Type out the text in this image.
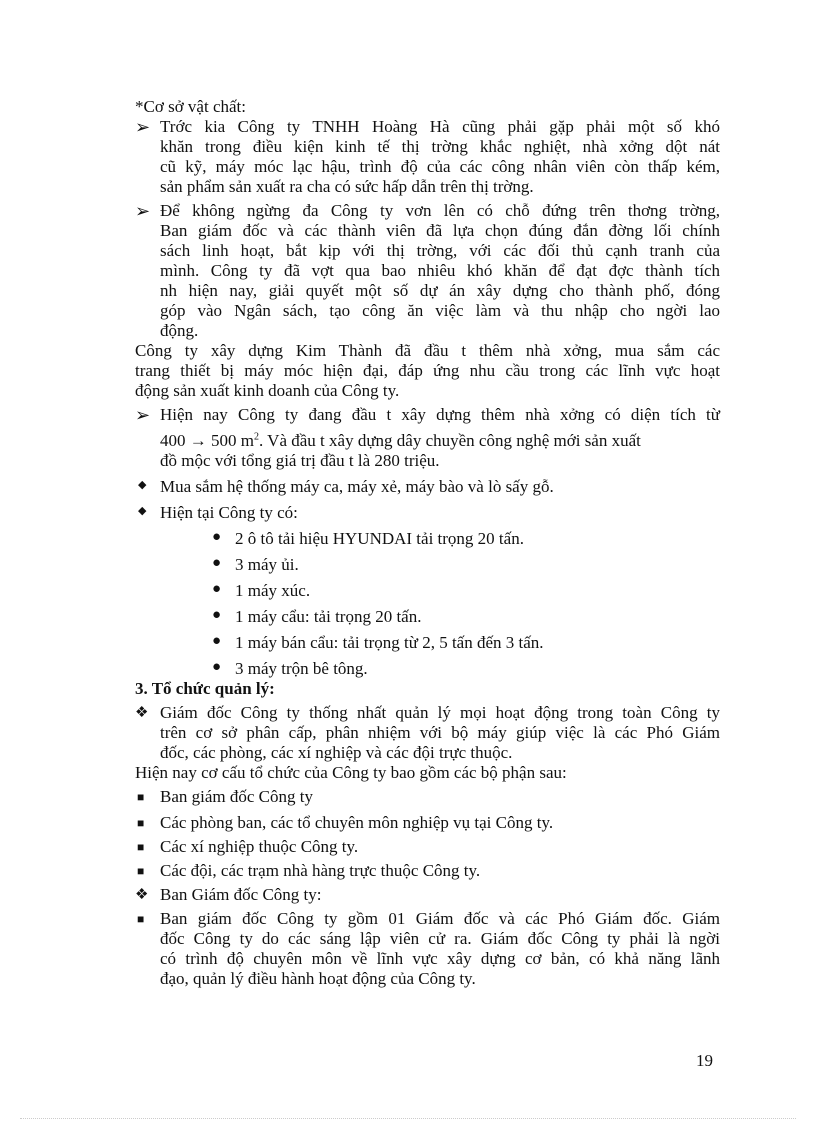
*Cơ sở vật chất:
➢ Trớc kia Công ty TNHH Hoàng Hà cũng phải gặp phải một số khó
khăn trong điều kiện kinh tế thị trờng khắc nghiệt, nhà xởng dột nát
cũ kỹ, máy móc lạc hậu, trình độ của các công nhân viên còn thấp kém,
sản phẩm sản xuất ra cha có sức hấp dẫn trên thị trờng.
➢ Để không ngừng đa Công ty vơn lên có chỗ đứng trên thơng trờng,
Ban giám đốc và các thành viên đã lựa chọn đúng đắn đờng lối chính
sách linh hoạt, bắt kịp với thị trờng, với các đối thủ cạnh tranh của
mình. Công ty đã vợt qua bao nhiêu khó khăn để đạt đợc thành tích
nh hiện nay, giải quyết một số dự án xây dựng cho thành phố, đóng
góp vào Ngân sách, tạo công ăn việc làm và thu nhập cho ngời lao
động.
Công ty xây dựng Kim Thành đã đầu t thêm nhà xởng, mua sắm các
trang thiết bị máy móc hiện đại, đáp ứng nhu cầu trong các lĩnh vực hoạt
động sản xuất kinh doanh của Công ty.
➢ Hiện nay Công ty đang đầu t xây dựng thêm nhà xởng có diện tích từ
400 → 500 $m^2$. Và đầu t xây dựng dây chuyền công nghệ mới sản xuất
đồ mộc với tổng giá trị đầu t là 280 triệu.
◆ Mua sắm hệ thống máy ca, máy xẻ, máy bào và lò sấy gỗ.
◆ Hiện tại Công ty có:
● 2 ô tô tải hiệu HYUNDAI tải trọng 20 tấn.
● 3 máy ủi.
● 1 máy xúc.
● 1 máy cẩu: tải trọng 20 tấn.
● 1 máy bán cẩu: tải trọng từ 2, 5 tấn đến 3 tấn.
● 3 máy trộn bê tông.
3. Tổ chức quản lý:
❖ Giám đốc Công ty thống nhất quản lý mọi hoạt động trong toàn Công ty
trên cơ sở phân cấp, phân nhiệm với bộ máy giúp việc là các Phó Giám
đốc, các phòng, các xí nghiệp và các đội trực thuộc.
Hiện nay cơ cấu tổ chức của Công ty bao gồm các bộ phận sau:
■ Ban giám đốc Công ty
■ Các phòng ban, các tổ chuyên môn nghiệp vụ tại Công ty.
■ Các xí nghiệp thuộc Công ty.
■ Các đội, các trạm nhà hàng trực thuộc Công ty.
❖ Ban Giám đốc Công ty:
■ Ban giám đốc Công ty gồm 01 Giám đốc và các Phó Giám đốc. Giám
đốc Công ty do các sáng lập viên cử ra. Giám đốc Công ty phải là ngời
có trình độ chuyên môn về lĩnh vực xây dựng cơ bản, có khả năng lãnh
đạo, quản lý điều hành hoạt động của Công ty.
19
